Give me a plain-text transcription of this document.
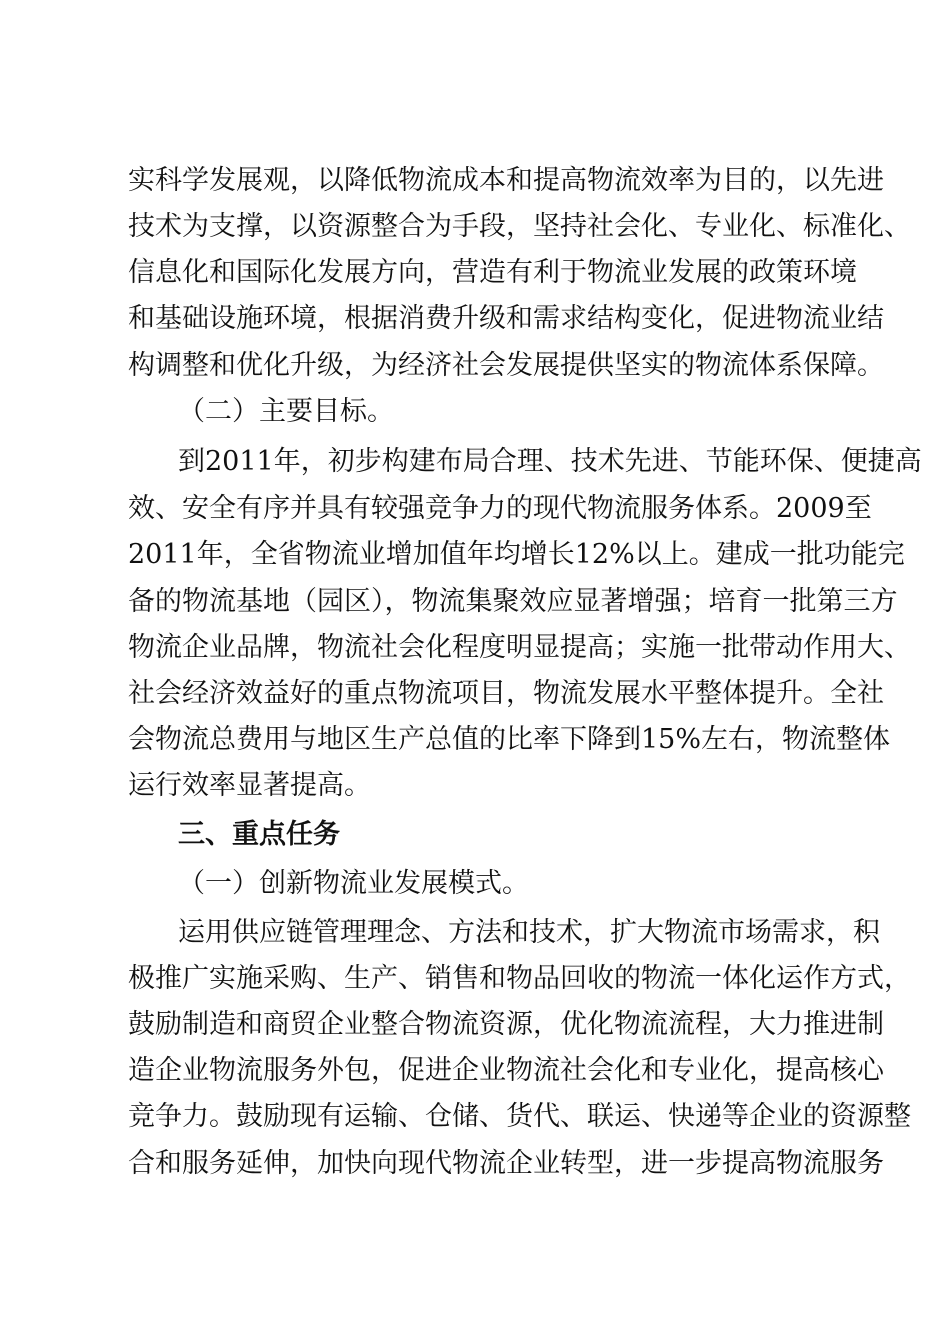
实科学发展观，以降低物流成本和提高物流效率为目的，以先进
技术为支撑，以资源整合为手段，坚持社会化、专业化、标准化、
信息化和国际化发展方向，营造有利于物流业发展的政策环境
和基础设施环境，根据消费升级和需求结构变化，促进物流业结
构调整和优化升级，为经济社会发展提供坚实的物流体系保障。
（二）主要目标。
到2011年，初步构建布局合理、技术先进、节能环保、便捷高
效、安全有序并具有较强竞争力的现代物流服务体系。2009至
2011年，全省物流业增加值年均增长12%以上。建成一批功能完
备的物流基地（园区），物流集聚效应显著增强；培育一批第三方
物流企业品牌，物流社会化程度明显提高；实施一批带动作用大、
社会经济效益好的重点物流项目，物流发展水平整体提升。全社
会物流总费用与地区生产总值的比率下降到15%左右，物流整体
运行效率显著提高。
三、重点任务
（一）创新物流业发展模式。
运用供应链管理理念、方法和技术，扩大物流市场需求，积
极推广实施采购、生产、销售和物品回收的物流一体化运作方式，
鼓励制造和商贸企业整合物流资源，优化物流流程，大力推进制
造企业物流服务外包，促进企业物流社会化和专业化，提高核心
竞争力。鼓励现有运输、仓储、货代、联运、快递等企业的资源整
合和服务延伸，加快向现代物流企业转型，进一步提高物流服务
